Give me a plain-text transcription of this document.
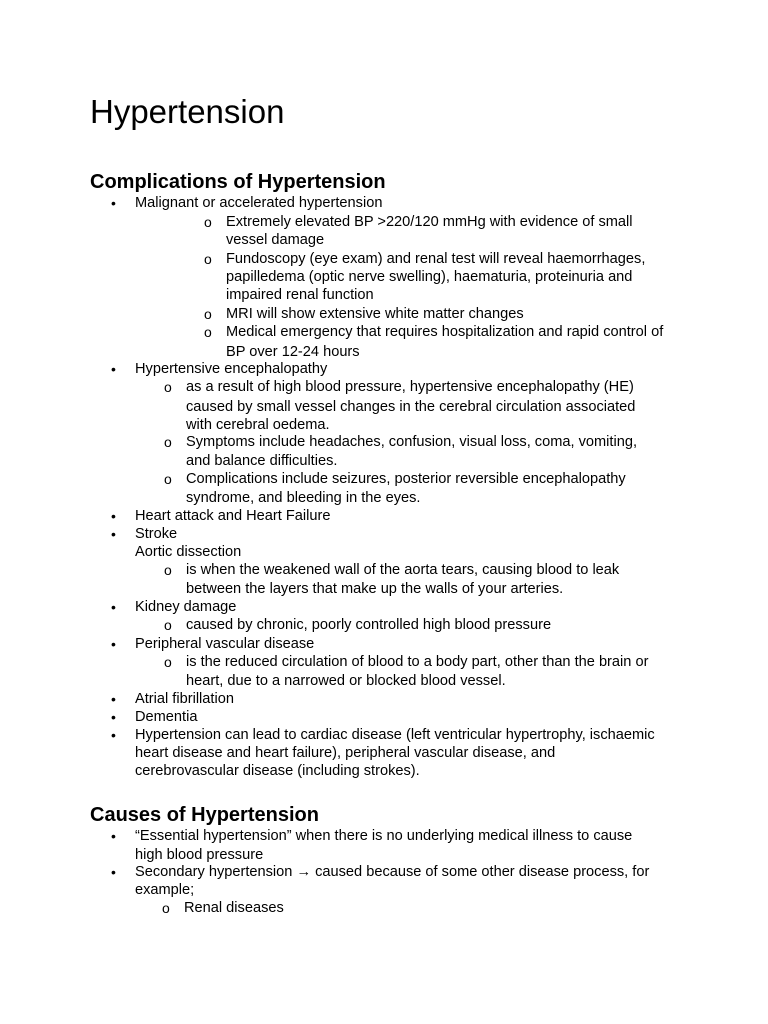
Hypertension
Complications of Hypertension
• Malignant or accelerated hypertension
o Extremely elevated BP >220/120 mmHg with evidence of small
vessel damage
o Fundoscopy (eye exam) and renal test will reveal haemorrhages,
papilledema (optic nerve swelling), haematuria, proteinuria and
impaired renal function
o MRI will show extensive white matter changes
o Medical emergency that requires hospitalization and rapid control of
BP over 12-24 hours
• Hypertensive encephalopathy
o as a result of high blood pressure, hypertensive encephalopathy (HE)
caused by small vessel changes in the cerebral circulation associated
with cerebral oedema.
o Symptoms include headaches, confusion, visual loss, coma, vomiting,
and balance difficulties.
o Complications include seizures, posterior reversible encephalopathy
syndrome, and bleeding in the eyes.
• Heart attack and Heart Failure
• Stroke
Aortic dissection
o is when the weakened wall of the aorta tears, causing blood to leak
between the layers that make up the walls of your arteries.
• Kidney damage
o caused by chronic, poorly controlled high blood pressure
• Peripheral vascular disease
o is the reduced circulation of blood to a body part, other than the brain or
heart, due to a narrowed or blocked blood vessel.
• Atrial fibrillation
• Dementia
• Hypertension can lead to cardiac disease (left ventricular hypertrophy, ischaemic
heart disease and heart failure), peripheral vascular disease, and
cerebrovascular disease (including strokes).
Causes of Hypertension
• “Essential hypertension” when there is no underlying medical illness to cause
high blood pressure
• Secondary hypertension → caused because of some other disease process, for
example;
o Renal diseases
